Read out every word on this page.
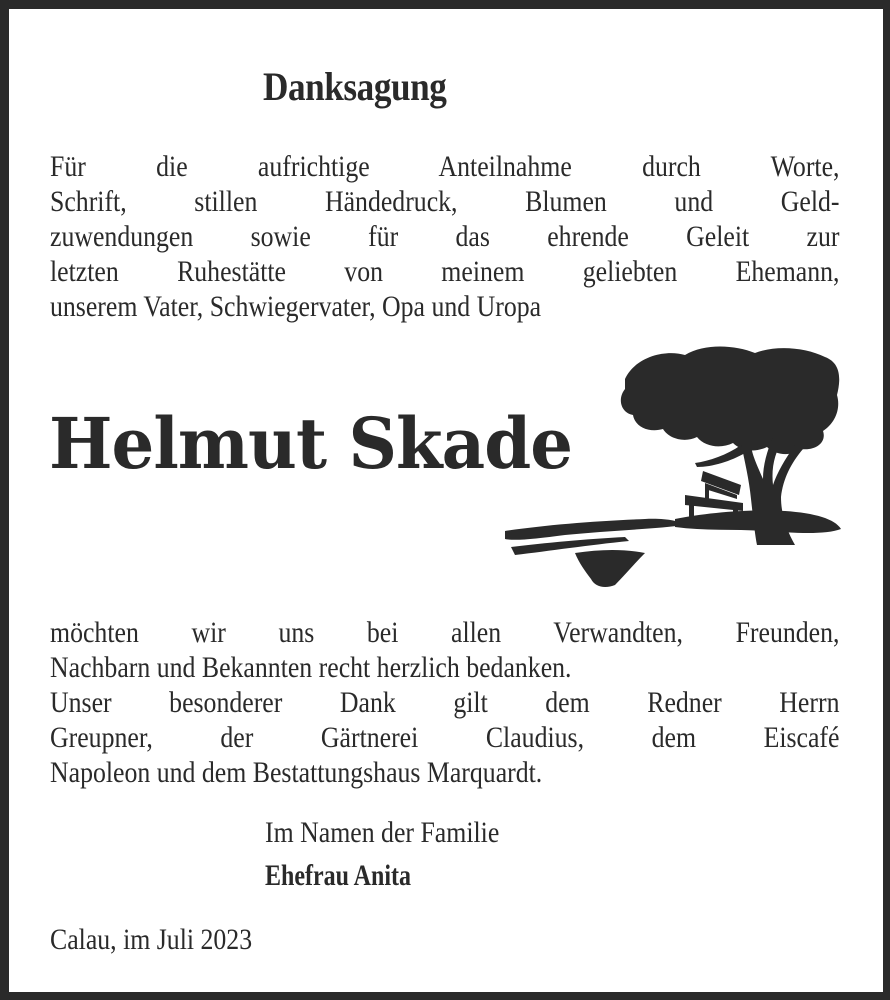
Danksagung
Für die aufrichtige Anteilnahme durch Worte,
Schrift, stillen Händedruck, Blumen und Geld-
zuwendungen sowie für das ehrende Geleit zur
letzten Ruhestätte von meinem geliebten Ehemann,
unserem Vater, Schwiegervater, Opa und Uropa
Helmut Skade
möchten wir uns bei allen Verwandten, Freunden,
Nachbarn und Bekannten recht herzlich bedanken.
Unser besonderer Dank gilt dem Redner Herrn
Greupner, der Gärtnerei Claudius, dem Eiscafé
Napoleon und dem Bestattungshaus Marquardt.
Im Namen der Familie
Ehefrau Anita
Calau, im Juli 2023
